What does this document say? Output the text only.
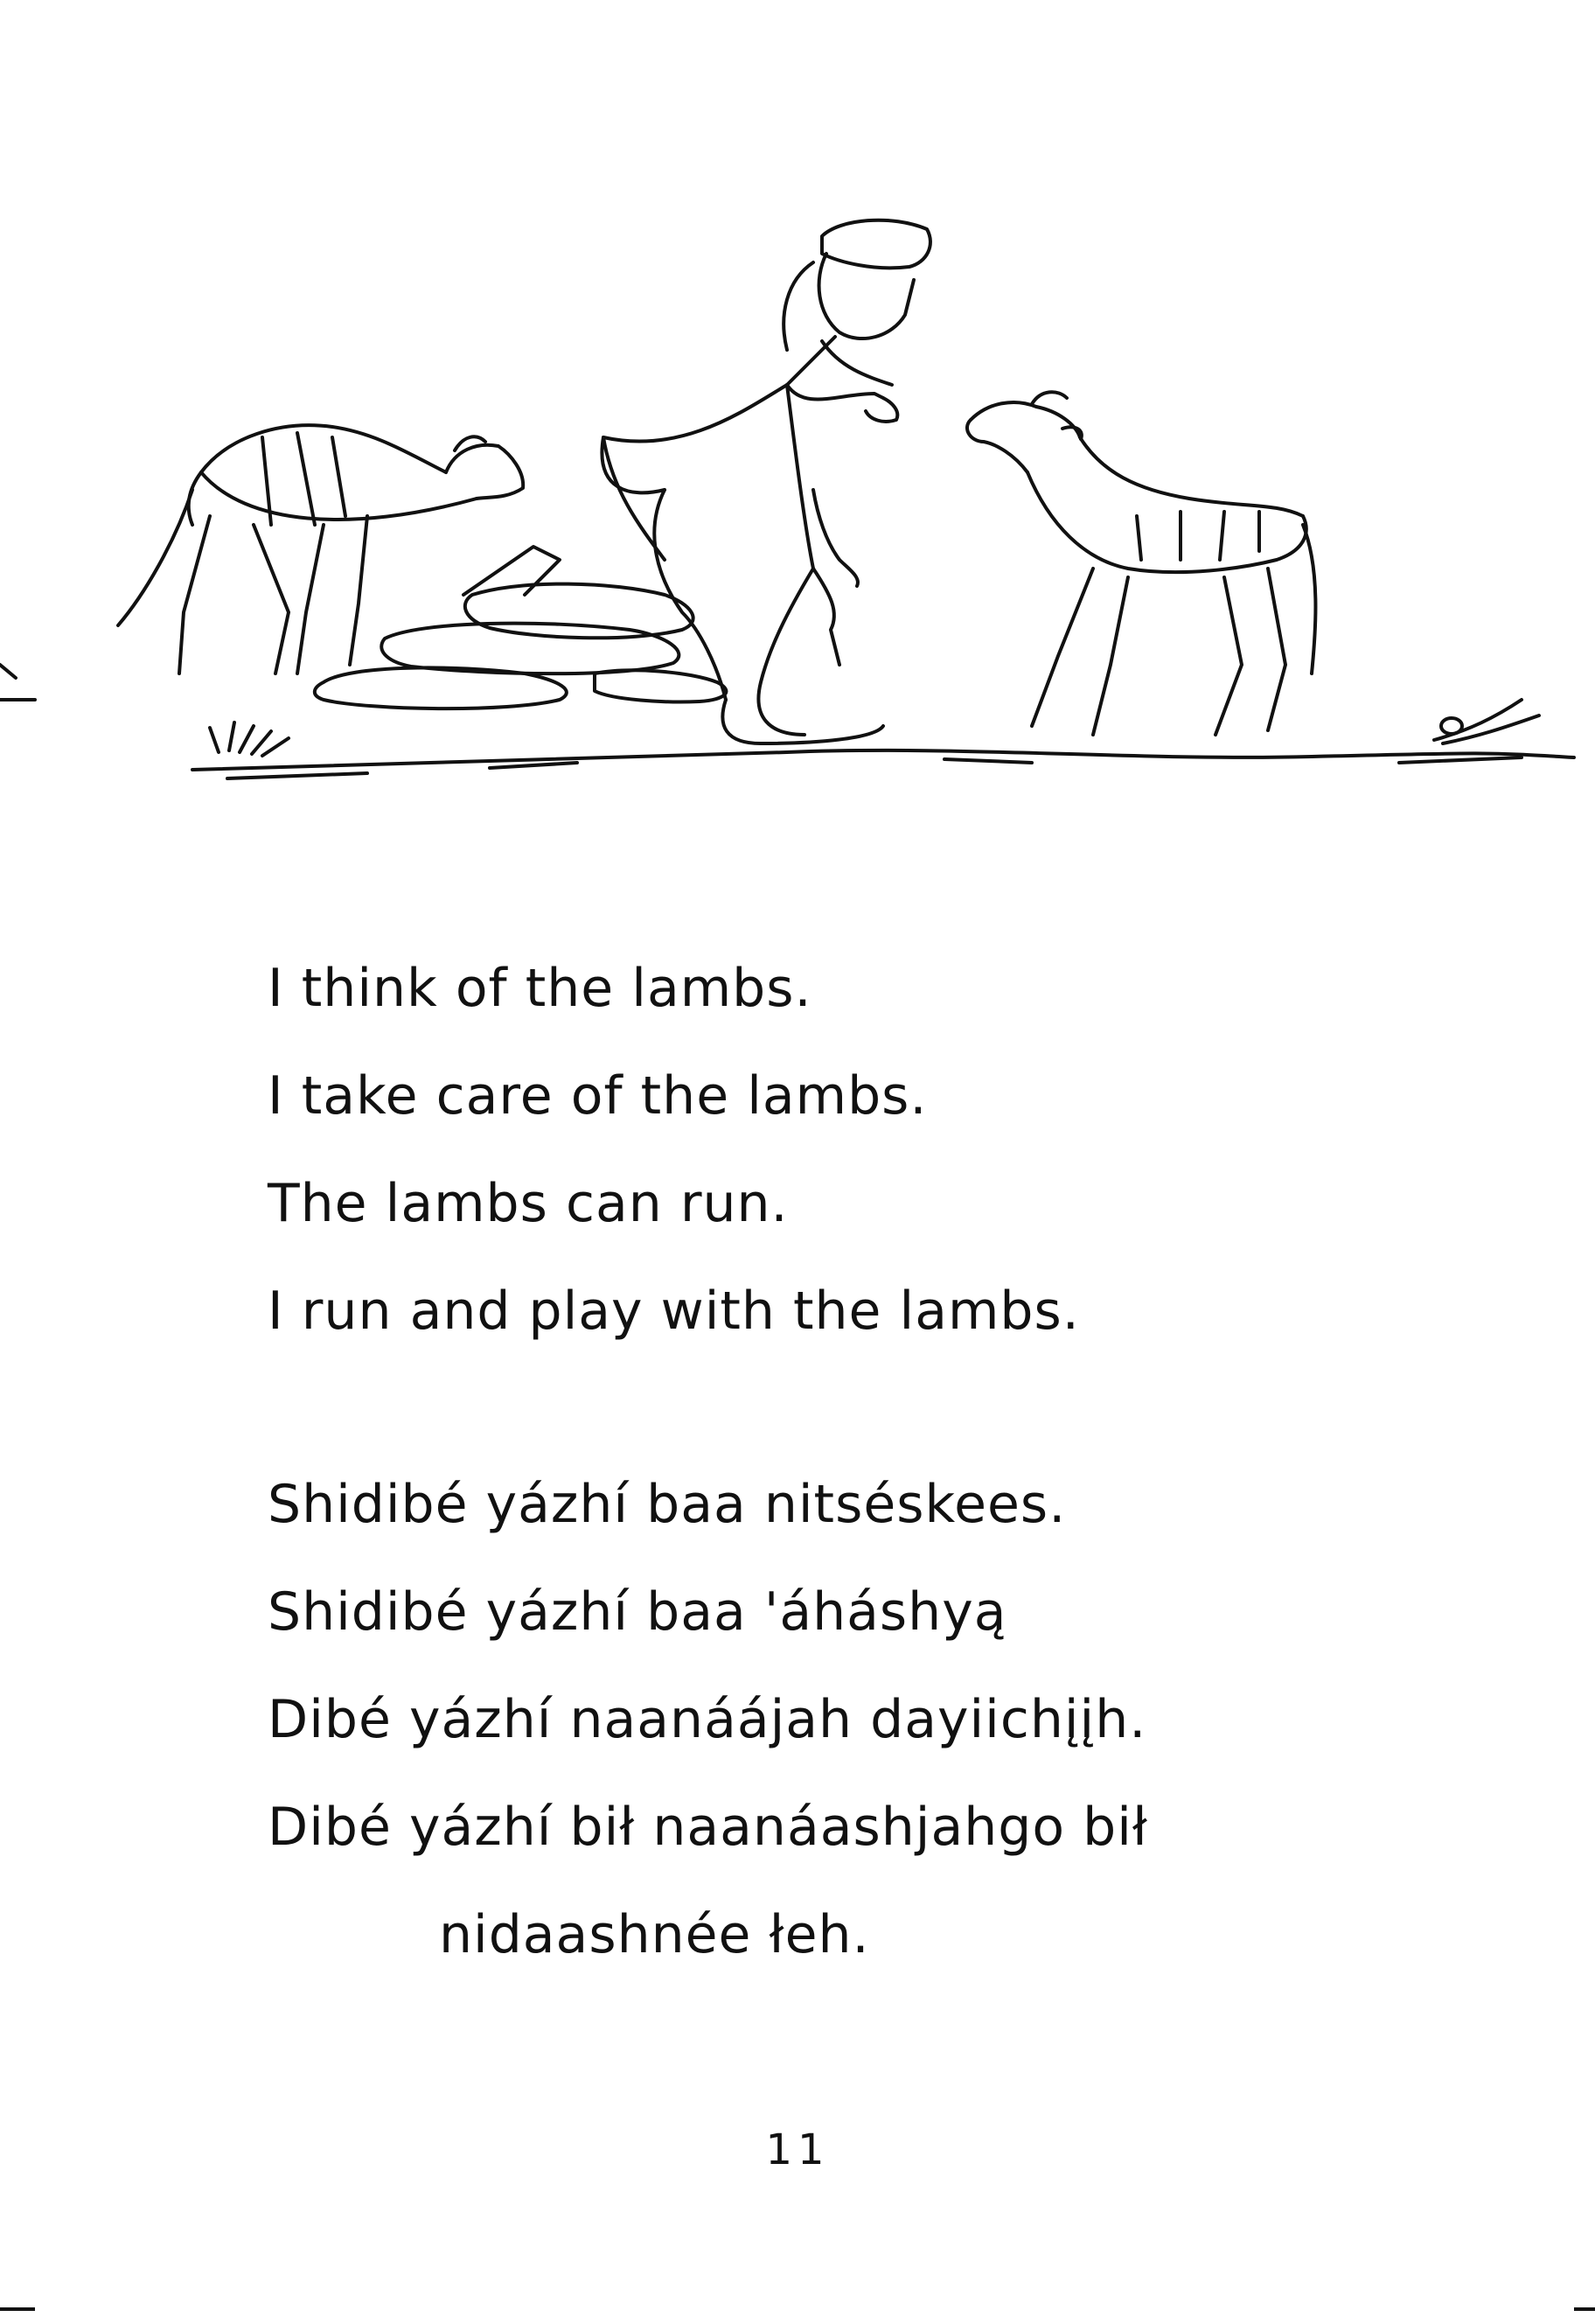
I think of the lambs.
I take care of the lambs.
The lambs can run.
I run and play with the lambs.
Shidibé yázhí baa nitséskees.
Shidibé yázhí baa 'áháshyą
Dibé yázhí naanáájah dayiichįįh.
Dibé yázhí bił naanáashjahgo bił
nidaashnée łeh.
11
